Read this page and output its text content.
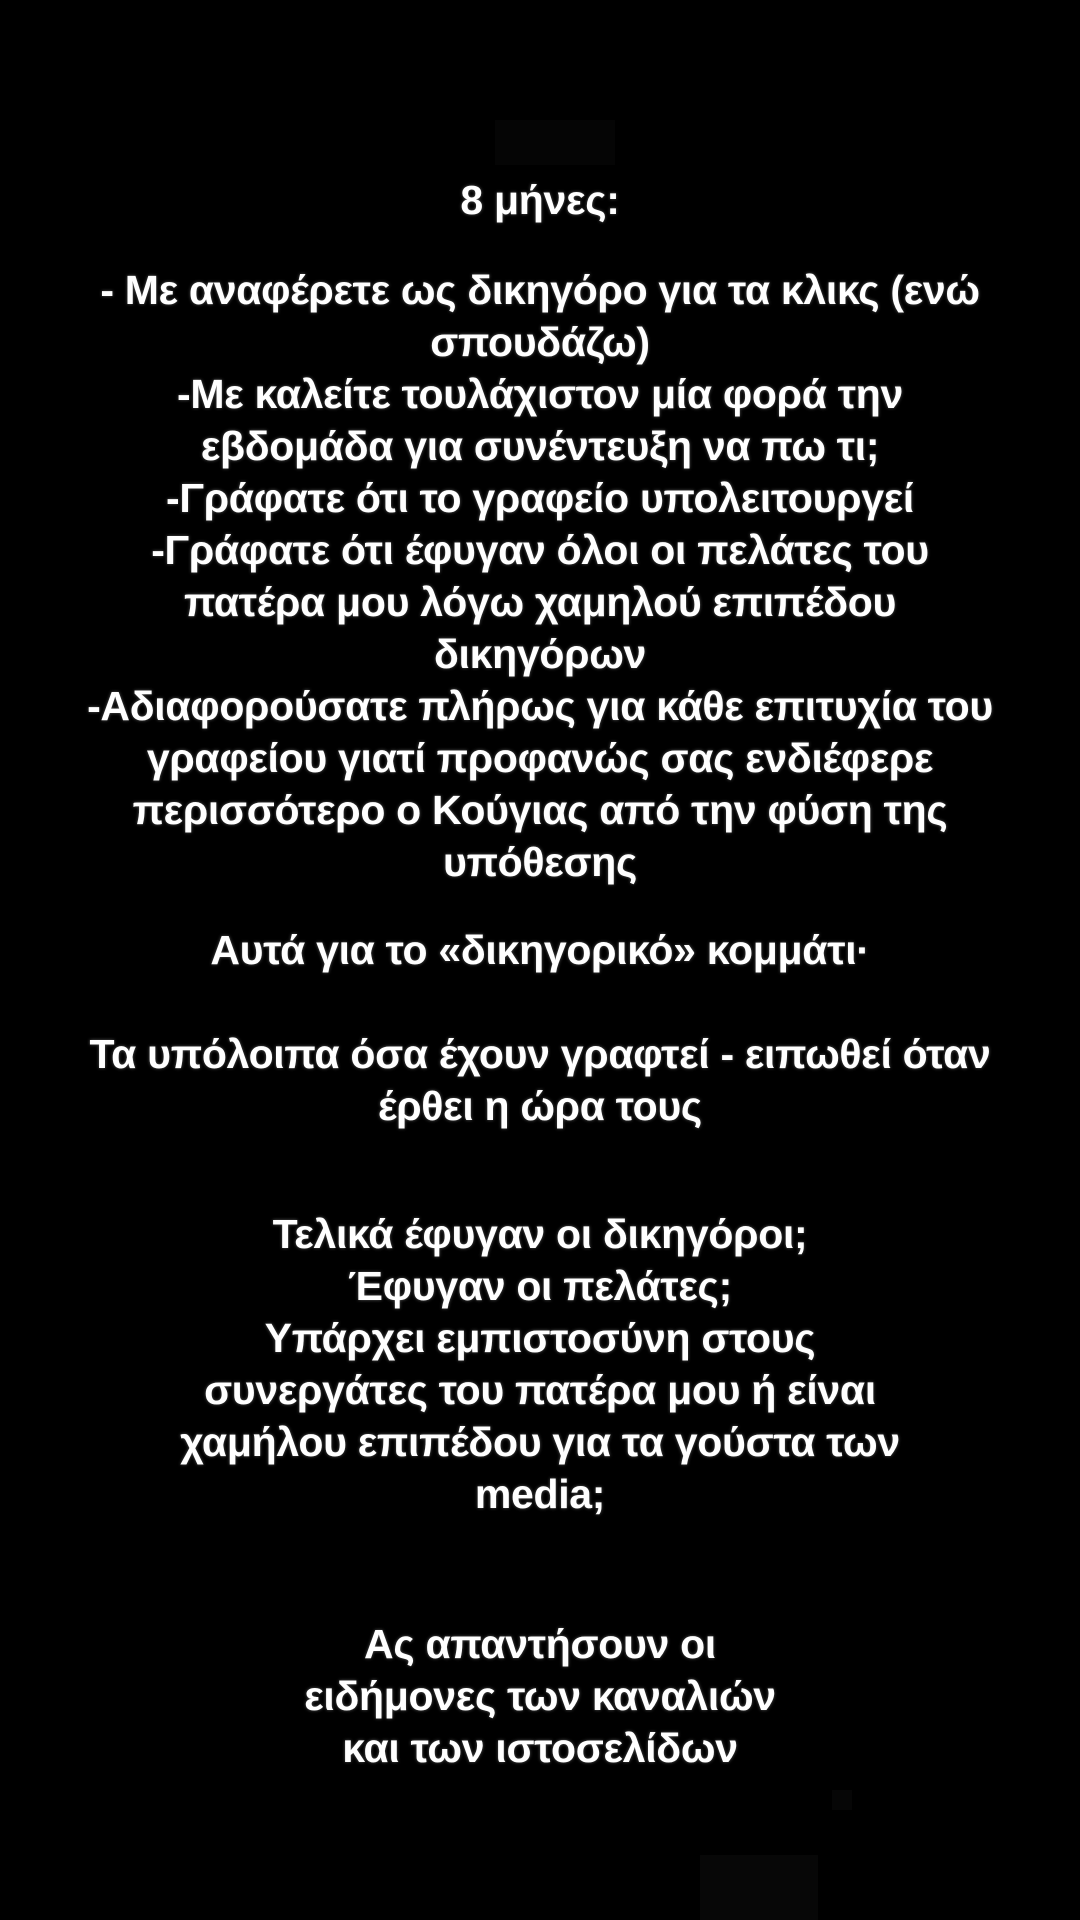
8 μήνες:

- Με αναφέρετε ως δικηγόρο για τα κλικς (ενώ
σπουδάζω)
-Με καλείτε τουλάχιστον μία φορά την
εβδομάδα για συνέντευξη να πω τι;
-Γράφατε ότι το γραφείο υπολειτουργεί
-Γράφατε ότι έφυγαν όλοι οι πελάτες του
πατέρα μου λόγω χαμηλού επιπέδου
δικηγόρων
-Αδιαφορούσατε πλήρως για κάθε επιτυχία του
γραφείου γιατί προφανώς σας ενδιέφερε
περισσότερο ο Κούγιας από την φύση της
υπόθεσης

Αυτά για το «δικηγορικό» κομμάτι·

Τα υπόλοιπα όσα έχουν γραφτεί - ειπωθεί όταν
έρθει η ώρα τους

Τελικά έφυγαν οι δικηγόροι;
Έφυγαν οι πελάτες;
Υπάρχει εμπιστοσύνη στους
συνεργάτες του πατέρα μου ή είναι
χαμήλου επιπέδου για τα γούστα των
media;

Ας απαντήσουν οι
ειδήμονες των καναλιών
και των ιστοσελίδων
